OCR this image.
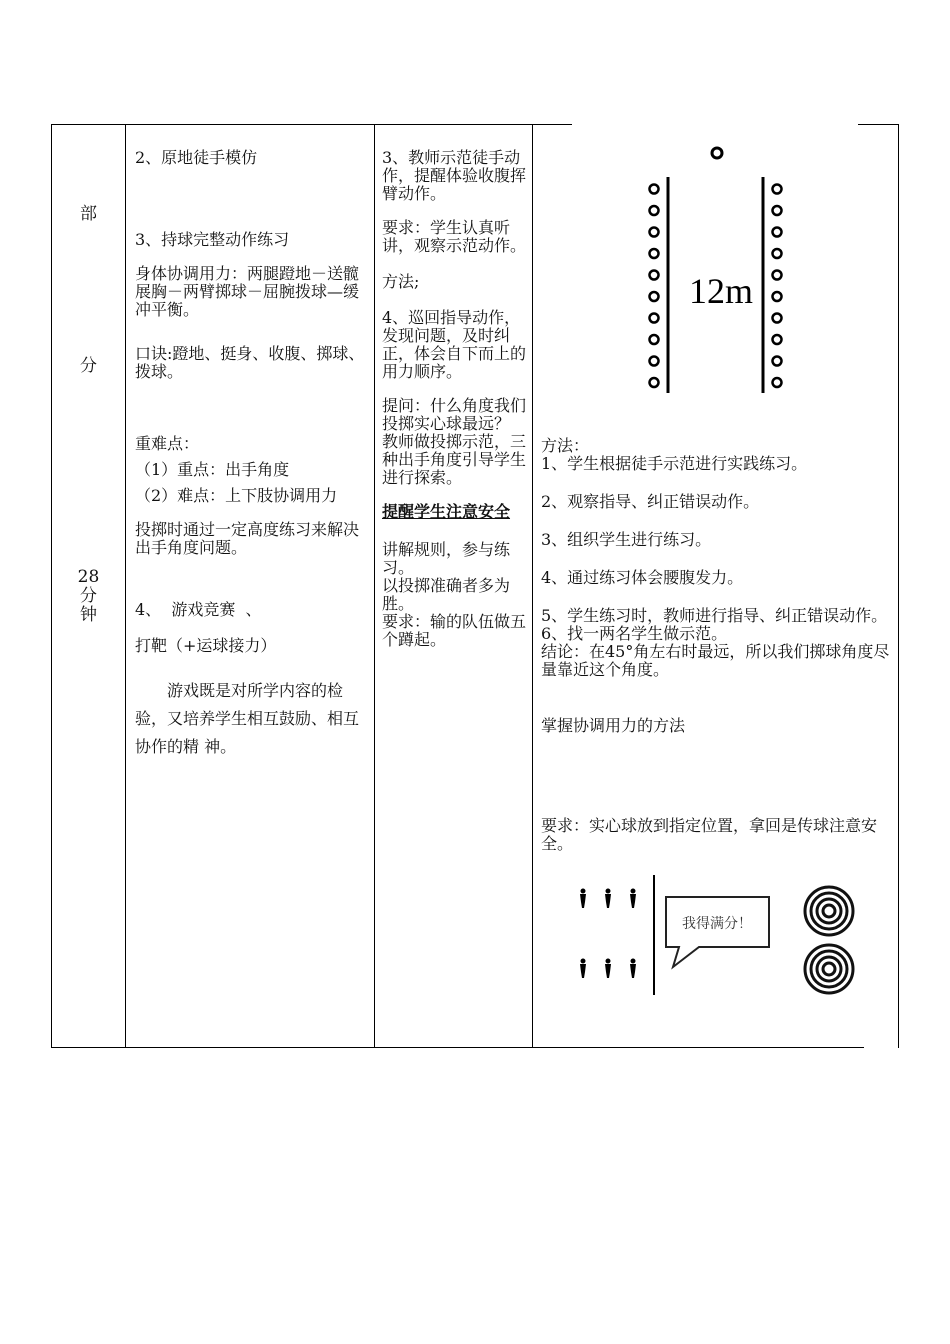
部
分
28
分
钟

2、原地徒手模仿

3、持球完整动作练习

身体协调用力：两腿蹬地－送髋展胸－两臂掷球－屈腕拨球—缓冲平衡。

口诀:蹬地、挺身、收腹、掷球、拨球。

重难点：

（1）重点：出手角度

（2）难点：上下肢协调用力

投掷时通过一定高度练习来解决出手角度问题。

4、  游戏竞赛  、

打靶（+运球接力）

游戏既是对所学内容的检验，又培养学生相互鼓励、相互协作的精 神。

3、教师示范徒手动作，提醒体验收腹挥臂动作。

要求：学生认真听讲，观察示范动作。

方法;

4、巡回指导动作，发现问题，及时纠正，体会自下而上的用力顺序。

提问：什么角度我们投掷实心球最远？

教师做投掷示范，三种出手角度引导学生进行探索。

提醒学生注意安全

讲解规则，参与练习。

以投掷准确者多为胜。

要求：输的队伍做五个蹲起。

12m

方法：

1、学生根据徒手示范进行实践练习。

2、观察指导、纠正错误动作。

3、组织学生进行练习。

4、通过练习体会腰腹发力。

5、学生练习时，教师进行指导、纠正错误动作。

6、找一两名学生做示范。

结论：在45°角左右时最远，所以我们掷球角度尽量靠近这个角度。

掌握协调用力的方法

要求：实心球放到指定位置，拿回是传球注意安全。

我得满分！
